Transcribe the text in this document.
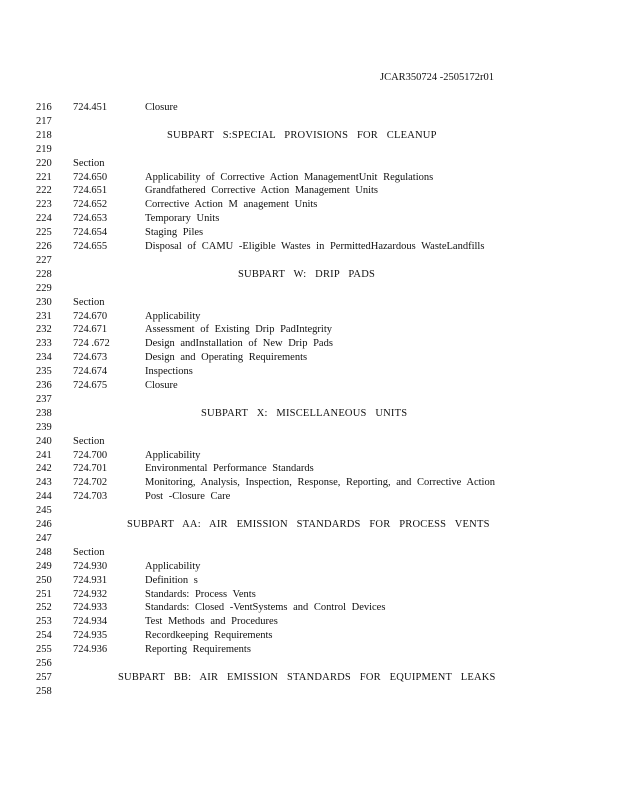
JCAR350724 -2505172r01
216 724.451	Closure
217
218	SUBPART S:SPECIAL PROVISIONS FOR CLEANUP
219
220 Section
221 724.650	Applicability of Corrective Action ManagementUnit Regulations
222 724.651	Grandfathered Corrective Action Management Units
223 724.652	Corrective Action M anagement Units
224 724.653	Temporary Units
225 724.654	Staging Piles
226 724.655	Disposal of CAMU -Eligible Wastes in PermittedHazardous WasteLandfills
227
228	SUBPART W: DRIP PADS
229
230 Section
231 724.670	Applicability
232 724.671	Assessment of Existing Drip PadIntegrity
233 724 .672	Design andInstallation of New Drip Pads
234 724.673	Design and Operating Requirements
235 724.674	Inspections
236 724.675	Closure
237
238	SUBPART X: MISCELLANEOUS UNITS
239
240 Section
241 724.700	Applicability
242 724.701	Environmental Performance Standards
243 724.702	Monitoring, Analysis, Inspection, Response, Reporting, and Corrective Action
244 724.703	Post -Closure Care
245
246	SUBPART AA: AIR EMISSION STANDARDS FOR PROCESS VENTS
247
248 Section
249 724.930	Applicability
250 724.931	Definition s
251 724.932	Standards: Process Vents
252 724.933	Standards: Closed -VentSystems and Control Devices
253 724.934	Test Methods and Procedures
254 724.935	Recordkeeping Requirements
255 724.936	Reporting Requirements
256
257	SUBPART BB: AIR EMISSION STANDARDS FOR EQUIPMENT LEAKS
258
